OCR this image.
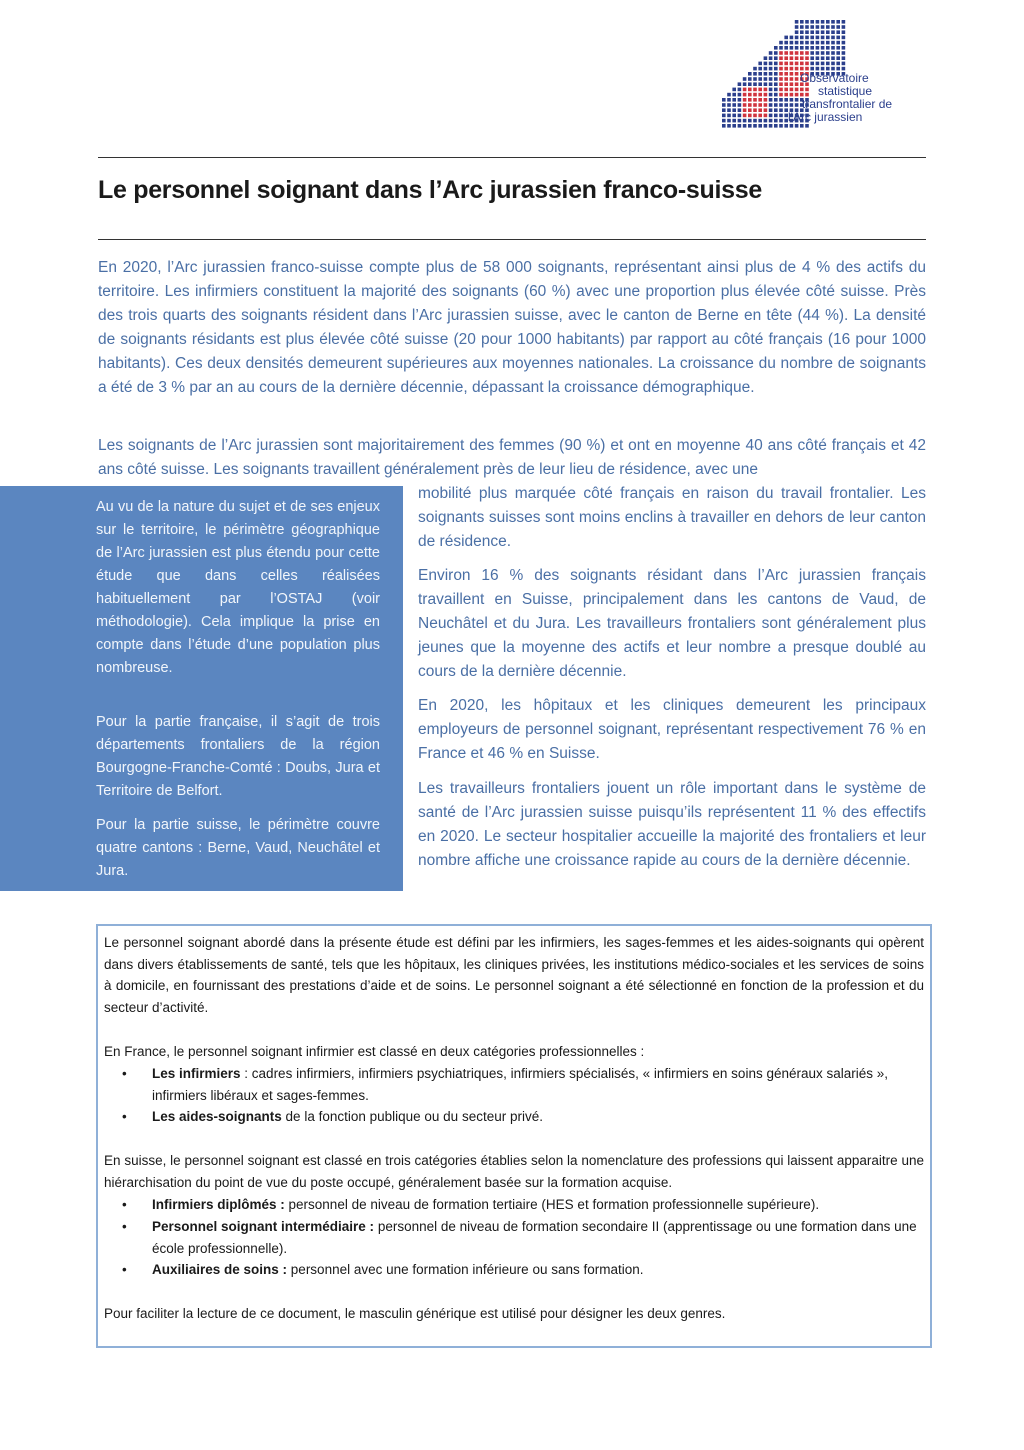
Observatoire
statistique
transfrontalier de
l'Arc jurassien
Le personnel soignant dans l’Arc jurassien franco-suisse

En 2020, l’Arc jurassien franco-suisse compte plus de 58 000 soignants, représentant ainsi plus de 4 % des actifs du territoire. Les infirmiers constituent la majorité des soignants (60 %) avec une proportion plus élevée côté suisse. Près des trois quarts des soignants résident dans l’Arc jurassien suisse, avec le canton de Berne en tête (44 %). La densité de soignants résidants est plus élevée côté suisse (20 pour 1000 habitants) par rapport au côté français (16 pour 1000 habitants). Ces deux densités demeurent supérieures aux moyennes nationales. La croissance du nombre de soignants a été de 3 % par an au cours de la dernière décennie, dépassant la croissance démographique.

Les soignants de l’Arc jurassien sont majoritairement des femmes (90 %) et ont en moyenne 40 ans côté français et 42 ans côté suisse. Les soignants travaillent généralement près de leur lieu de résidence, avec une

Au vu de la nature du sujet et de ses enjeux sur le territoire, le périmètre géographique de l’Arc jurassien est plus étendu pour cette étude que dans celles réalisées habituellement par l’OSTAJ (voir méthodologie). Cela implique la prise en compte dans l’étude d’une population plus nombreuse.

Pour la partie française, il s’agit de trois départements frontaliers de la région Bourgogne-Franche-Comté : Doubs, Jura et Territoire de Belfort.

Pour la partie suisse, le périmètre couvre quatre cantons : Berne, Vaud, Neuchâtel et Jura.

mobilité plus marquée côté français en raison du travail frontalier. Les soignants suisses sont moins enclins à travailler en dehors de leur canton de résidence.

Environ 16 % des soignants résidant dans l’Arc jurassien français travaillent en Suisse, principalement dans les cantons de Vaud, de Neuchâtel et du Jura. Les travailleurs frontaliers sont généralement plus jeunes que la moyenne des actifs et leur nombre a presque doublé au cours de la dernière décennie.

En 2020, les hôpitaux et les cliniques demeurent les principaux employeurs de personnel soignant, représentant respectivement 76 % en France et 46 % en Suisse.

Les travailleurs frontaliers jouent un rôle important dans le système de santé de l’Arc jurassien suisse puisqu’ils représentent 11 % des effectifs en 2020. Le secteur hospitalier accueille la majorité des frontaliers et leur nombre affiche une croissance rapide au cours de la dernière décennie.

Le personnel soignant abordé dans la présente étude est défini par les infirmiers, les sages-femmes et les aides-soignants qui opèrent dans divers établissements de santé, tels que les hôpitaux, les cliniques privées, les institutions médico-sociales et les services de soins à domicile, en fournissant des prestations d’aide et de soins. Le personnel soignant a été sélectionné en fonction de la profession et du secteur d’activité.

En France, le personnel soignant infirmier est classé en deux catégories professionnelles :

• Les infirmiers : cadres infirmiers, infirmiers psychiatriques, infirmiers spécialisés, « infirmiers en soins généraux salariés », infirmiers libéraux et sages-femmes.
• Les aides-soignants de la fonction publique ou du secteur privé.

En suisse, le personnel soignant est classé en trois catégories établies selon la nomenclature des professions qui laissent apparaitre une hiérarchisation du point de vue du poste occupé, généralement basée sur la formation acquise.

• Infirmiers diplômés : personnel de niveau de formation tertiaire (HES et formation professionnelle supérieure).
• Personnel soignant intermédiaire : personnel de niveau de formation secondaire II (apprentissage ou une formation dans une école professionnelle).
• Auxiliaires de soins : personnel avec une formation inférieure ou sans formation.

Pour faciliter la lecture de ce document, le masculin générique est utilisé pour désigner les deux genres.
